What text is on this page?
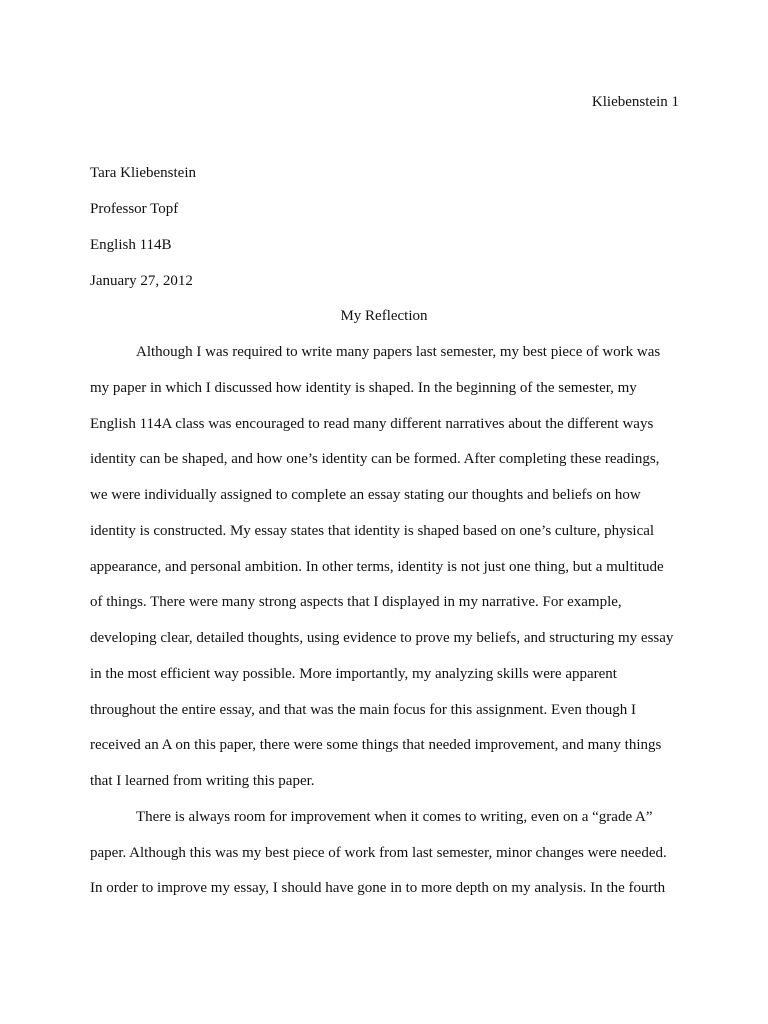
Kliebenstein 1
Tara Kliebenstein
Professor Topf
English 114B
January 27, 2012
My Reflection
Although I was required to write many papers last semester, my best piece of work was
my paper in which I discussed how identity is shaped. In the beginning of the semester, my
English 114A class was encouraged to read many different narratives about the different ways
identity can be shaped, and how one’s identity can be formed. After completing these readings,
we were individually assigned to complete an essay stating our thoughts and beliefs on how
identity is constructed. My essay states that identity is shaped based on one’s culture, physical
appearance, and personal ambition. In other terms, identity is not just one thing, but a multitude
of things. There were many strong aspects that I displayed in my narrative. For example,
developing clear, detailed thoughts, using evidence to prove my beliefs, and structuring my essay
in the most efficient way possible. More importantly, my analyzing skills were apparent
throughout the entire essay, and that was the main focus for this assignment. Even though I
received an A on this paper, there were some things that needed improvement, and many things
that I learned from writing this paper.
There is always room for improvement when it comes to writing, even on a “grade A”
paper. Although this was my best piece of work from last semester, minor changes were needed.
In order to improve my essay, I should have gone in to more depth on my analysis. In the fourth
